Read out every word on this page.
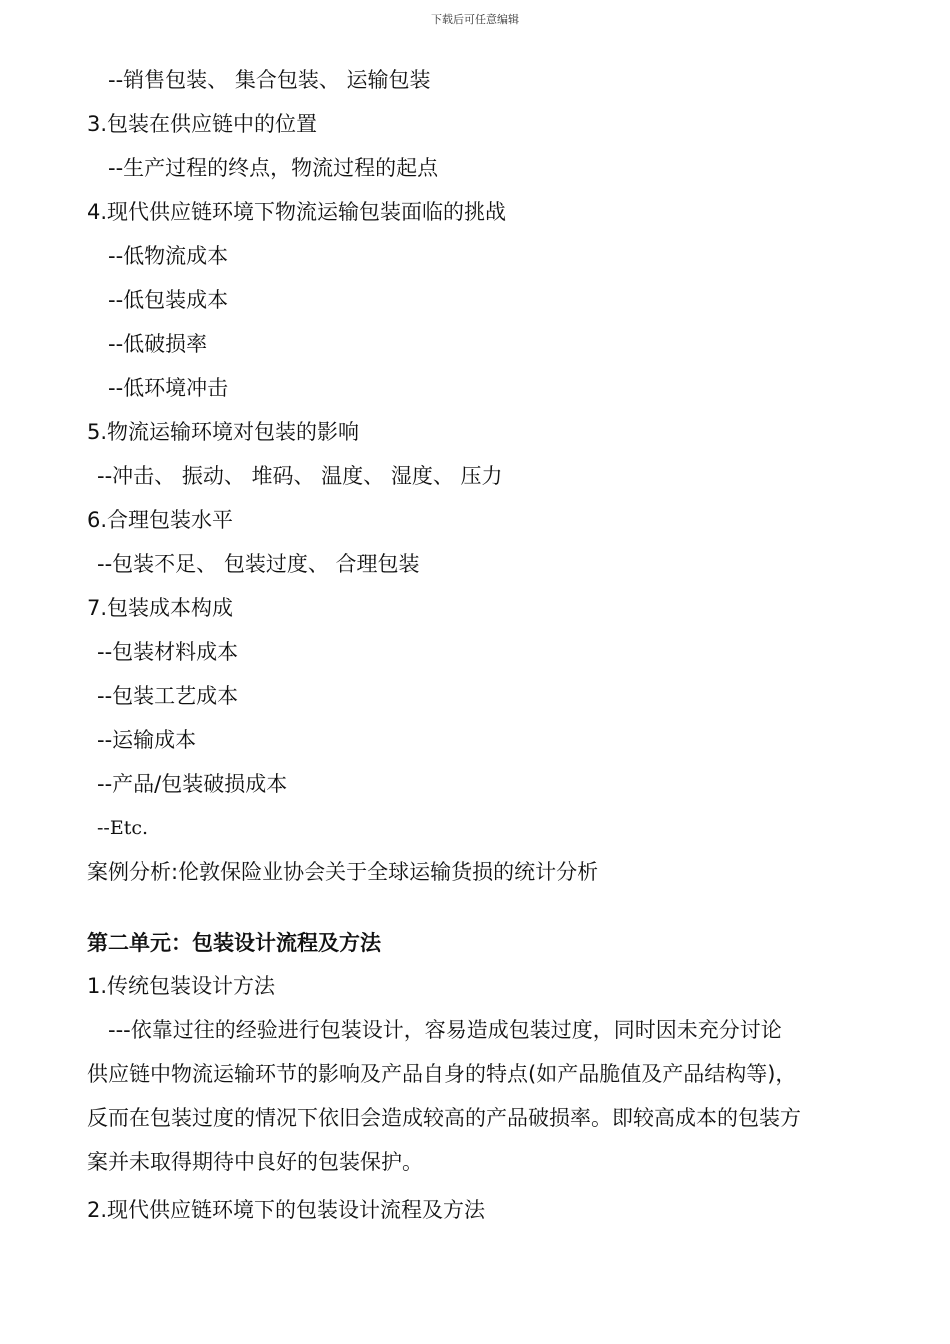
下载后可任意编辑
--销售包装、 集合包装、 运输包装
3.包装在供应链中的位置
--生产过程的终点，物流过程的起点
4.现代供应链环境下物流运输包装面临的挑战
--低物流成本
--低包装成本
--低破损率
--低环境冲击
5.物流运输环境对包装的影响
--冲击、 振动、 堆码、 温度、 湿度、 压力
6.合理包装水平
--包装不足、 包装过度、 合理包装
7.包装成本构成
--包装材料成本
--包装工艺成本
--运输成本
--产品/包装破损成本
--Etc.
案例分析:伦敦保险业协会关于全球运输货损的统计分析
第二单元：包装设计流程及方法
1.传统包装设计方法
---依靠过往的经验进行包装设计，容易造成包装过度，同时因未充分讨论
供应链中物流运输环节的影响及产品自身的特点(如产品脆值及产品结构等)，
反而在包装过度的情况下依旧会造成较高的产品破损率。即较高成本的包装方
案并未取得期待中良好的包装保护。
2.现代供应链环境下的包装设计流程及方法
